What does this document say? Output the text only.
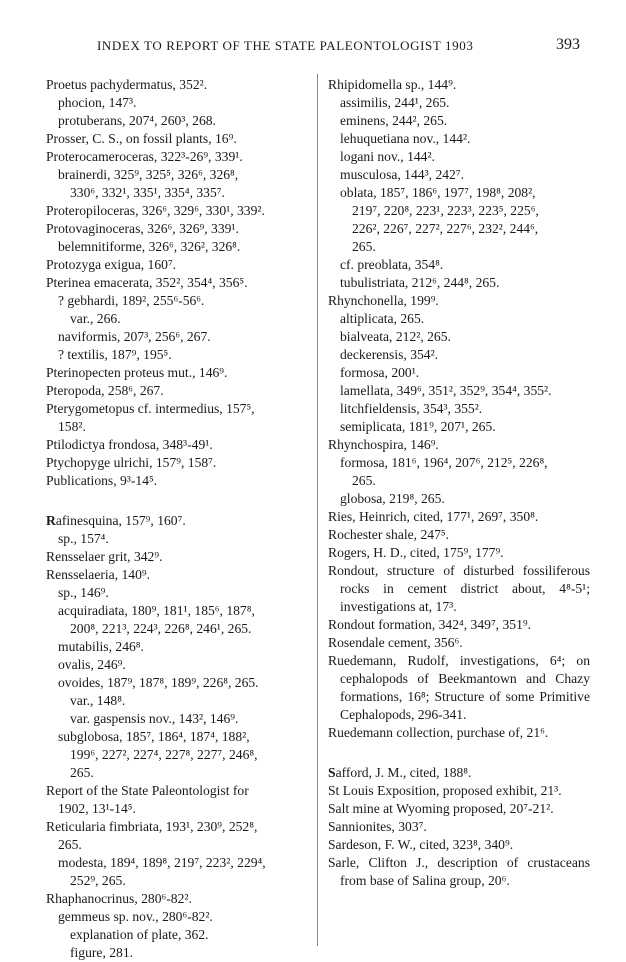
INDEX TO REPORT OF THE STATE PALEONTOLOGIST 1903	393
Proetus pachydermatus, 352².
phocion, 147³.
protuberans, 207⁴, 260³, 268.
Prosser, C. S., on fossil plants, 16⁹.
Proterocameroceras, 322³-26⁹, 339¹.
brainerdi, 325⁹, 325⁵, 326⁶, 326⁸,
330⁶, 332¹, 335¹, 335⁴, 335⁷.
Proteropiloceras, 326⁶, 329⁶, 330¹, 339².
Protovaginoceras, 326⁶, 326⁹, 339¹.
belemnitiforme, 326⁶, 326², 326⁸.
Protozyga exigua, 160⁷.
Pterinea emacerata, 352², 354⁴, 356⁵.
? gebhardi, 189², 255⁶-56⁶.
var., 266.
naviformis, 207³, 256⁶, 267.
? textilis, 187⁹, 195⁵.
Pterinopecten proteus mut., 146⁹.
Pteropoda, 258⁶, 267.
Pterygometopus cf. intermedius, 157⁵,
158².
Ptilodictya frondosa, 348³-49¹.
Ptychopyge ulrichi, 157⁹, 158⁷.
Publications, 9³-14⁵.
Rafinesquina, 157⁹, 160⁷.
sp., 157⁴.
Rensselaer grit, 342⁹.
Rensselaeria, 140⁹.
sp., 146⁹.
acquiradiata, 180⁹, 181¹, 185⁶, 187⁸,
200⁸, 221³, 224³, 226⁸, 246¹, 265.
mutabilis, 246⁸.
ovalis, 246⁹.
ovoides, 187⁹, 187⁸, 189⁹, 226⁸, 265.
var., 148⁸.
var. gaspensis nov., 143², 146⁹.
subglobosa, 185⁷, 186⁴, 187⁴, 188²,
199⁶, 227², 227⁴, 227⁸, 227⁷, 246⁸,
265.
Report of the State Paleontologist for
1902, 13¹-14⁵.
Reticularia fimbriata, 193¹, 230⁹, 252⁸,
265.
modesta, 189⁴, 189⁸, 219⁷, 223², 229⁴,
252⁹, 265.
Rhaphanocrinus, 280⁶-82².
gemmeus sp. nov., 280⁶-82².
explanation of plate, 362.
figure, 281.
Rhipidomella sp., 144⁹.
assimilis, 244¹, 265.
eminens, 244², 265.
lehuquetiana nov., 144².
logani nov., 144².
musculosa, 144³, 242⁷.
oblata, 185⁷, 186⁶, 197⁷, 198⁸, 208²,
219⁷, 220⁸, 223¹, 223³, 223⁵, 225⁶,
226², 226⁷, 227², 227⁶, 232², 244⁶,
265.
cf. preoblata, 354⁸.
tubulistriata, 212⁶, 244⁸, 265.
Rhynchonella, 199⁹.
altiplicata, 265.
bialveata, 212², 265.
deckerensis, 354².
formosa, 200¹.
lamellata, 349⁶, 351², 352⁹, 354⁴, 355².
litchfieldensis, 354³, 355².
semiplicata, 181⁹, 207¹, 265.
Rhynchospira, 146⁹.
formosa, 181⁶, 196⁴, 207⁶, 212⁵, 226⁸,
265.
globosa, 219⁸, 265.
Ries, Heinrich, cited, 177¹, 269⁷, 350⁸.
Rochester shale, 247⁵.
Rogers, H. D., cited, 175⁹, 177⁹.
Rondout, structure of disturbed fossiliferous rocks in cement district about, 4⁸-5¹; investigations at, 17³.
Rondout formation, 342⁴, 349⁷, 351⁹.
Rosendale cement, 356⁶.
Ruedemann, Rudolf, investigations, 6⁴; on cephalopods of Beekmantown and Chazy formations, 16⁸; Structure of some Primitive Cephalopods, 296-341.
Ruedemann collection, purchase of, 21⁶.
Safford, J. M., cited, 188⁸.
St Louis Exposition, proposed exhibit, 21³.
Salt mine at Wyoming proposed, 20⁷-21².
Sannionites, 303⁷.
Sardeson, F. W., cited, 323⁸, 340⁹.
Sarle, Clifton J., description of crustaceans from base of Salina group, 20⁶.
